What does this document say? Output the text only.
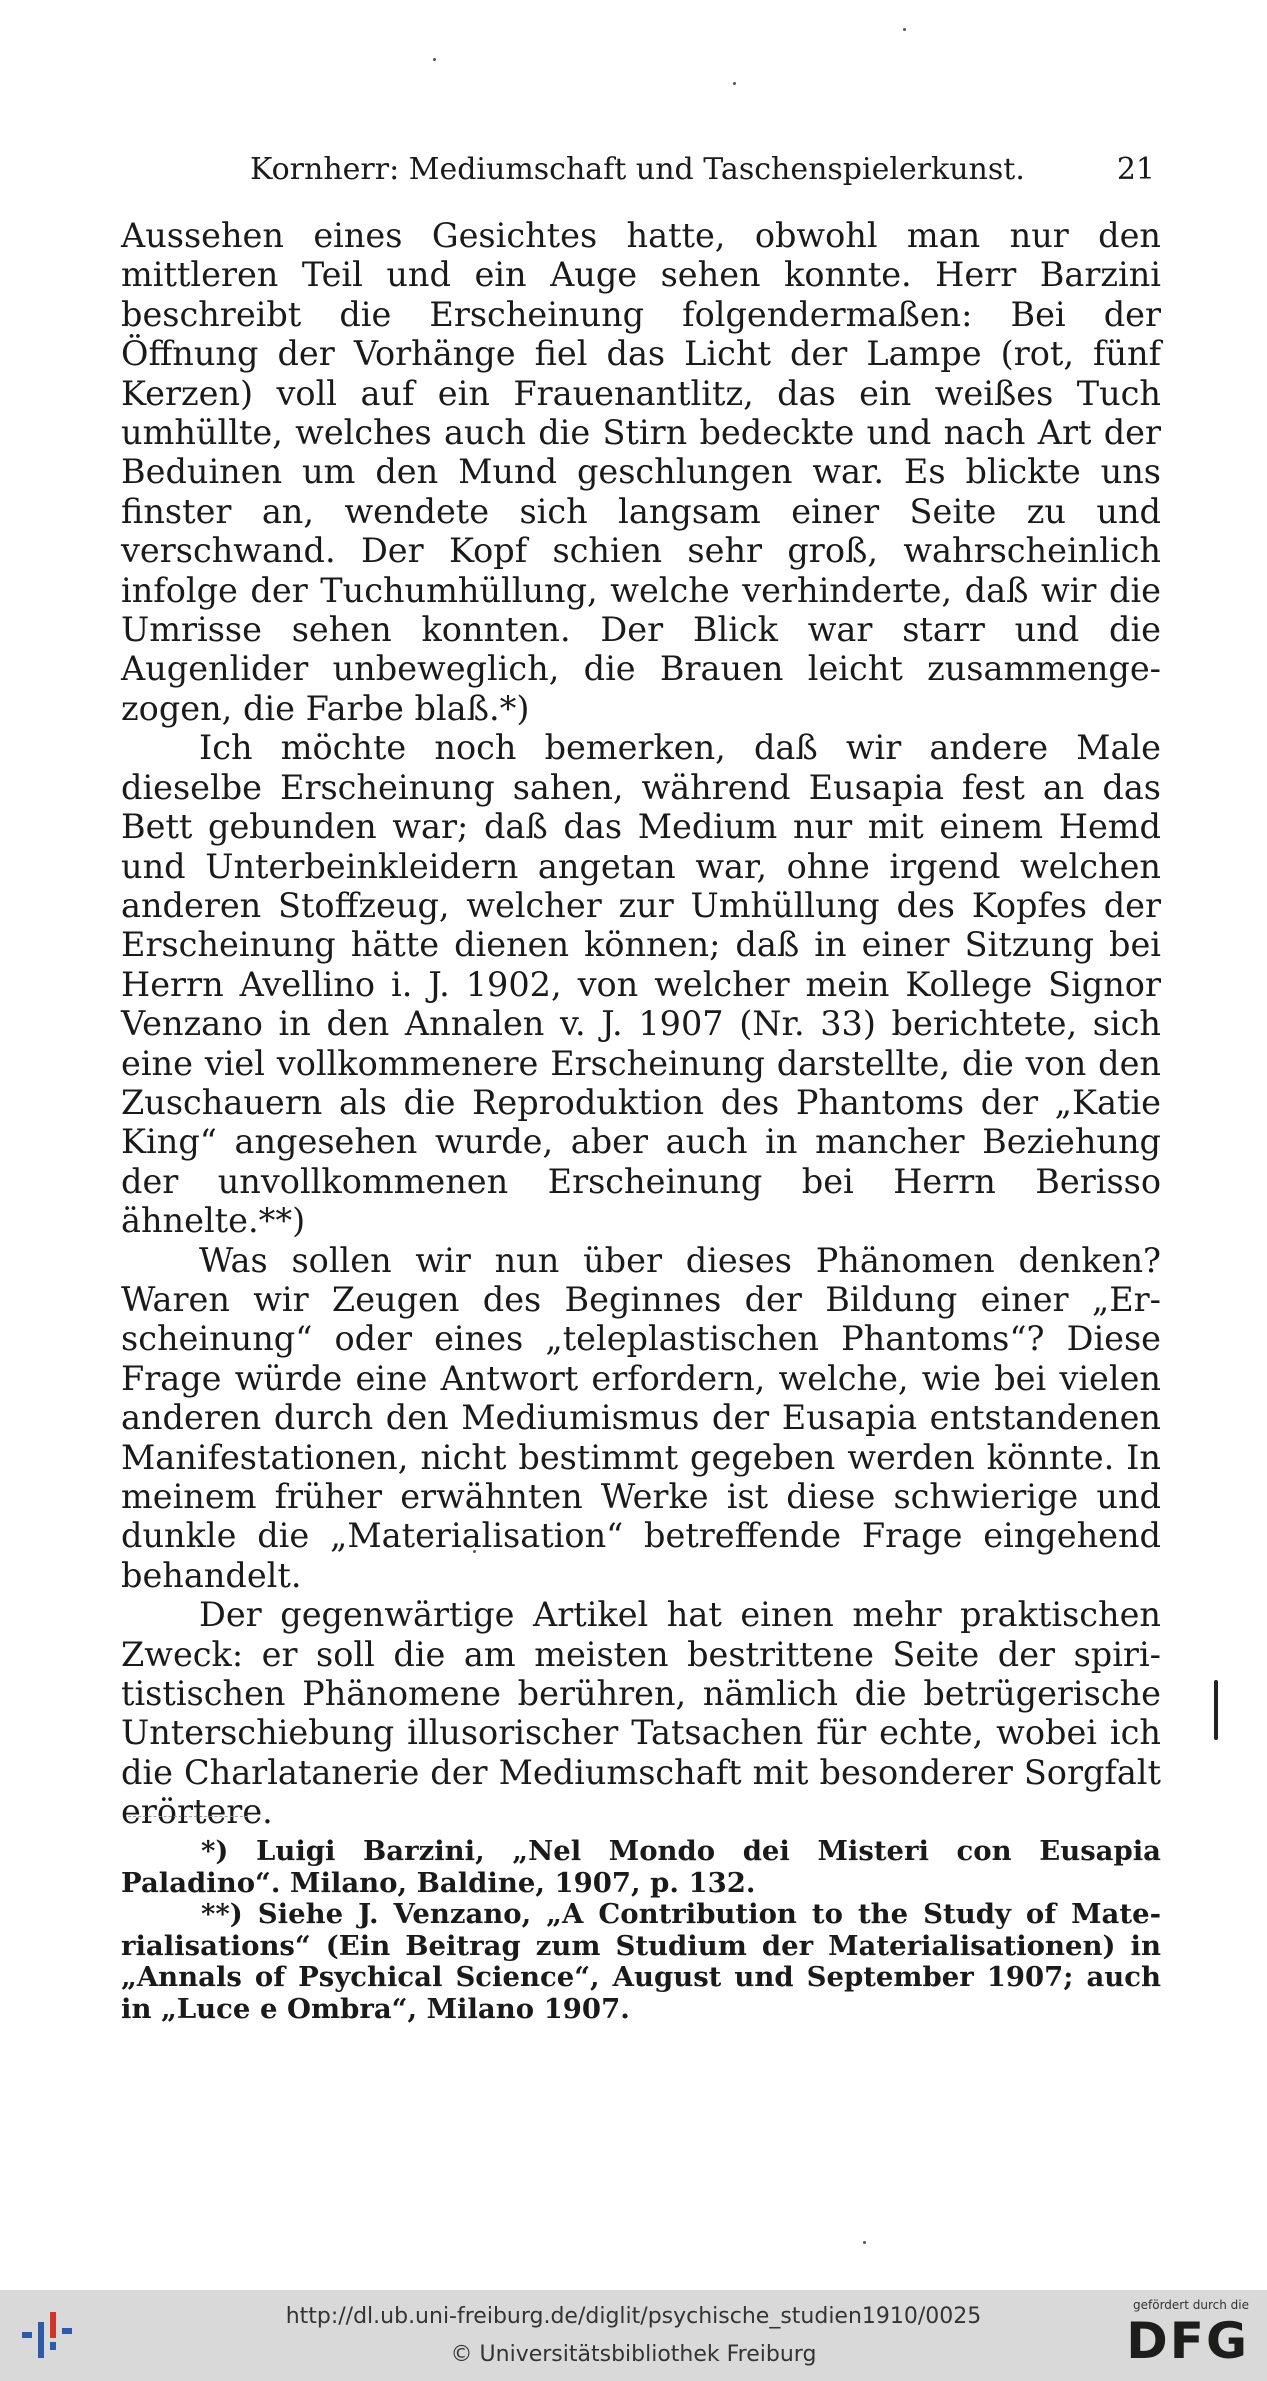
Kornherr: Mediumschaft und Taschenspielerkunst.	21

Aussehen eines Gesichtes hatte, obwohl man nur den mittleren Teil und ein Auge sehen konnte. Herr Barzini beschreibt die Erscheinung folgendermaßen: Bei der Öffnung der Vorhänge fiel das Licht der Lampe (rot, fünf Kerzen) voll auf ein Frauenantlitz, das ein weißes Tuch umhüllte, welches auch die Stirn bedeckte und nach Art der Beduinen um den Mund geschlungen war. Es blickte uns finster an, wendete sich langsam einer Seite zu und verschwand. Der Kopf schien sehr groß, wahrscheinlich infolge der Tuchumhüllung, welche verhinderte, daß wir die Umrisse sehen konnten. Der Blick war starr und die Augenlider unbeweglich, die Brauen leicht zusammengezogen, die Farbe blaß.*)

Ich möchte noch bemerken, daß wir andere Male dieselbe Erscheinung sahen, während Eusapia fest an das Bett gebunden war; daß das Medium nur mit einem Hemd und Unterbeinkleidern angetan war, ohne irgend welchen anderen Stoffzeug, welcher zur Umhüllung des Kopfes der Erscheinung hätte dienen können; daß in einer Sitzung bei Herrn Avellino i. J. 1902, von welcher mein Kollege Signor Venzano in den Annalen v. J. 1907 (Nr. 33) berichtete, sich eine viel vollkommenere Erscheinung darstellte, die von den Zuschauern als die Reproduktion des Phantoms der „Katie King“ angesehen wurde, aber auch in mancher Beziehung der unvollkommenen Erscheinung bei Herrn Berisso ähnelte.**)

Was sollen wir nun über dieses Phänomen denken? Waren wir Zeugen des Beginnes der Bildung einer „Erscheinung“ oder eines „teleplastischen Phantoms“? Diese Frage würde eine Antwort erfordern, welche, wie bei vielen anderen durch den Mediumismus der Eusapia entstandenen Manifestationen, nicht bestimmt gegeben werden könnte. In meinem früher erwähnten Werke ist diese schwierige und dunkle die „Materialisation“ betreffende Frage eingehend behandelt.

Der gegenwärtige Artikel hat einen mehr praktischen Zweck: er soll die am meisten bestrittene Seite der spiritistischen Phänomene berühren, nämlich die betrügerische Unterschiebung illusorischer Tatsachen für echte, wobei ich die Charlatanerie der Mediumschaft mit besonderer Sorgfalt erörtere.

*) Luigi Barzini, „Nel Mondo dei Misteri con Eusapia Paladino“. Milano, Baldine, 1907, p. 132.

**) Siehe J. Venzano, „A Contribution to the Study of Materialisations“ (Ein Beitrag zum Studium der Materialisationen) in „Annals of Psychical Science“, August und September 1907; auch in „Luce e Ombra“, Milano 1907.

http://dl.ub.uni-freiburg.de/diglit/psychische_studien1910/0025
© Universitätsbibliothek Freiburg
gefördert durch die
DFG
